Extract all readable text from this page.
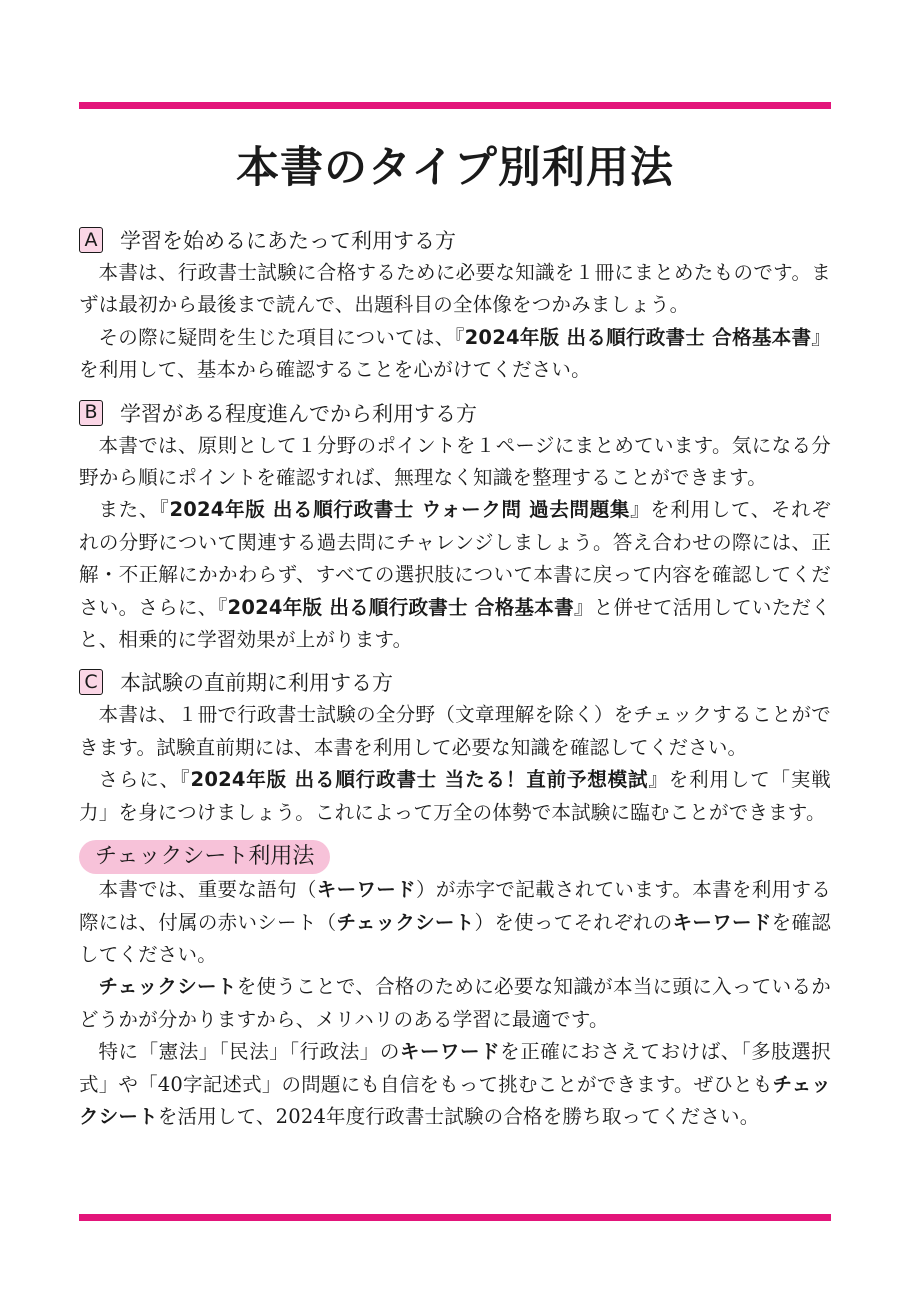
本書のタイプ別利用法
A 学習を始めるにあたって利用する方

本書は、行政書士試験に合格するために必要な知識を１冊にまとめたものです。まずは最初から最後まで読んで、出題科目の全体像をつかみましょう。

その際に疑問を生じた項目については、『2024年版 出る順行政書士 合格基本書』を利用して、基本から確認することを心がけてください。

B 学習がある程度進んでから利用する方

本書では、原則として１分野のポイントを１ページにまとめています。気になる分野から順にポイントを確認すれば、無理なく知識を整理することができます。

また、『2024年版 出る順行政書士 ウォーク問 過去問題集』を利用して、それぞれの分野について関連する過去問にチャレンジしましょう。答え合わせの際には、正解・不正解にかかわらず、すべての選択肢について本書に戻って内容を確認してください。さらに、『2024年版 出る順行政書士 合格基本書』と併せて活用していただくと、相乗的に学習効果が上がります。

C 本試験の直前期に利用する方

本書は、１冊で行政書士試験の全分野（文章理解を除く）をチェックすることができます。試験直前期には、本書を利用して必要な知識を確認してください。

さらに、『2024年版 出る順行政書士 当たる！直前予想模試』を利用して「実戦力」を身につけましょう。これによって万全の体勢で本試験に臨むことができます。

チェックシート利用法

本書では、重要な語句（キーワード）が赤字で記載されています。本書を利用する際には、付属の赤いシート（チェックシート）を使ってそれぞれのキーワードを確認してください。

チェックシートを使うことで、合格のために必要な知識が本当に頭に入っているかどうかが分かりますから、メリハリのある学習に最適です。

特に「憲法」「民法」「行政法」のキーワードを正確におさえておけば、「多肢選択式」や「40字記述式」の問題にも自信をもって挑むことができます。ぜひともチェックシートを活用して、2024年度行政書士試験の合格を勝ち取ってください。
